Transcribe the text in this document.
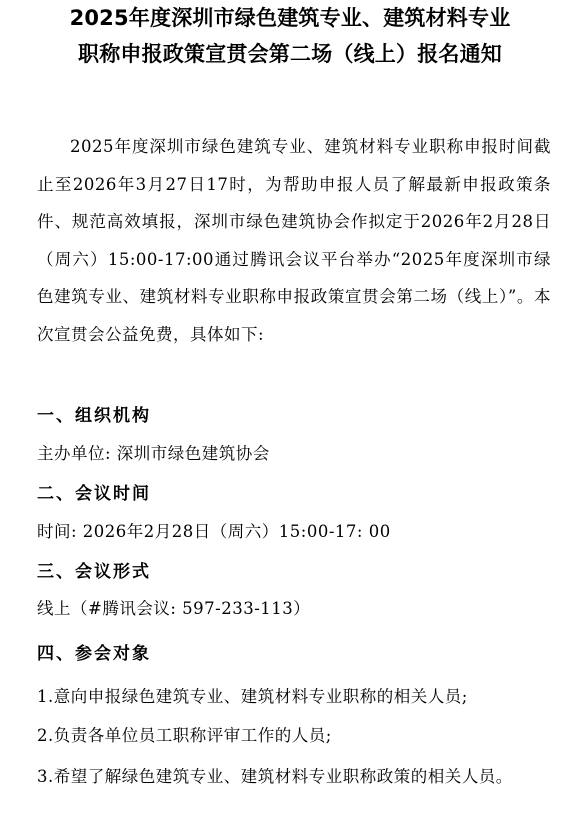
2025年度深圳市绿色建筑专业、建筑材料专业
职称申报政策宣贯会第二场（线上）报名通知

2025年度深圳市绿色建筑专业、建筑材料专业职称申报时间截止至2026年3月27日17时，为帮助申报人员了解最新申报政策条件、规范高效填报，深圳市绿色建筑协会作拟定于2026年2月28日（周六）15:00-17:00通过腾讯会议平台举办“2025年度深圳市绿色建筑专业、建筑材料专业职称申报政策宣贯会第二场（线上）”。本次宣贯会公益免费，具体如下:

一、组织机构
主办单位: 深圳市绿色建筑协会
二、会议时间
时间: 2026年2月28日（周六）15:00-17: 00
三、会议形式
线上（#腾讯会议: 597-233-113）
四、参会对象

1.意向申报绿色建筑专业、建筑材料专业职称的相关人员;

2.负责各单位员工职称评审工作的人员;

3.希望了解绿色建筑专业、建筑材料专业职称政策的相关人员。
